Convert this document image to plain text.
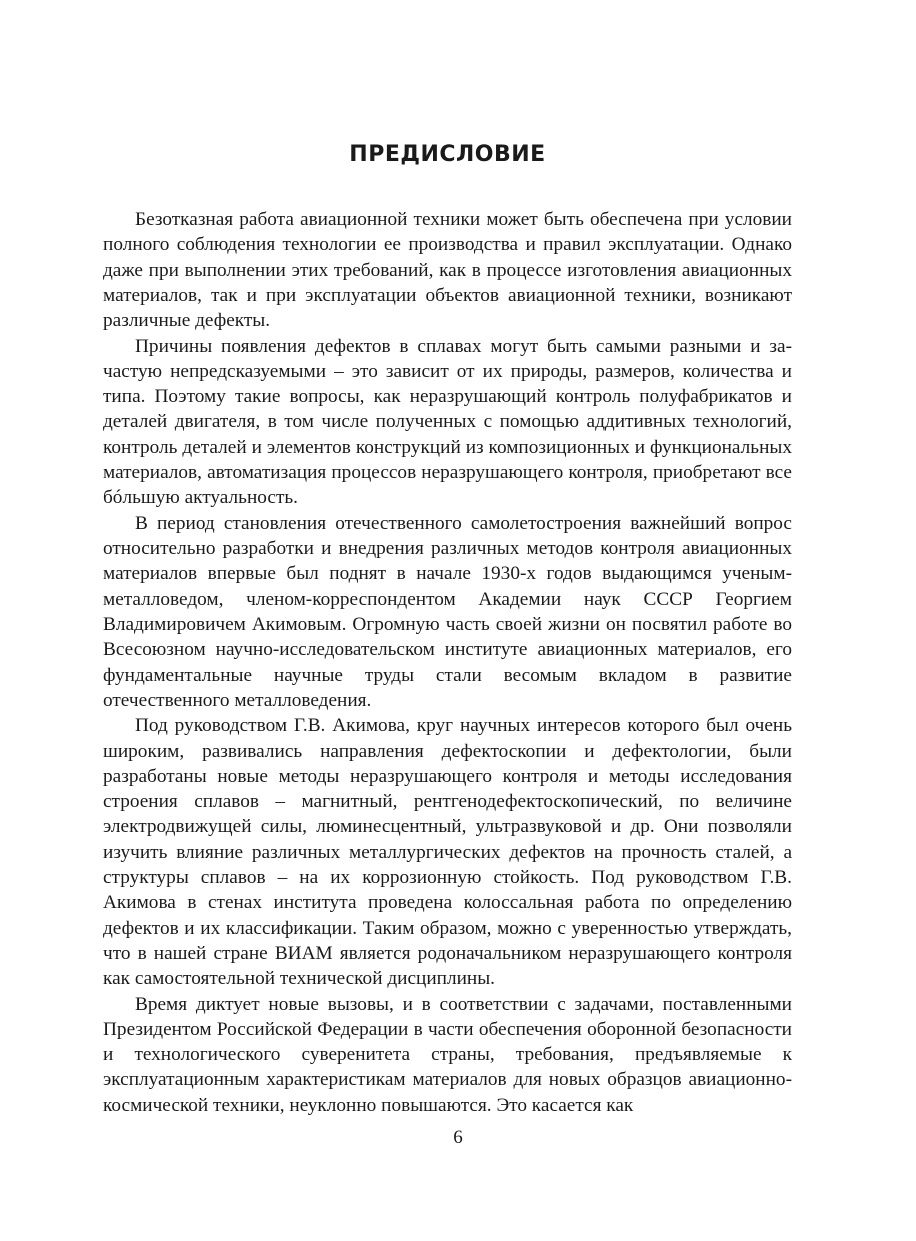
ПРЕДИСЛОВИЕ

Безотказная работа авиационной техники может быть обеспечена при условии полного соблюдения технологии ее производства и правил эксплуатации. Однако даже при выполнении этих требований, как в процессе изготовления авиационных материалов, так и при эксплуатации объектов авиационной техники, возникают различные дефекты.

Причины появления дефектов в сплавах могут быть самыми разными и зачастую непредсказуемыми – это зависит от их природы, размеров, количества и типа. Поэтому такие вопросы, как неразрушающий контроль полуфабрикатов и деталей двигателя, в том числе полученных с помощью аддитивных технологий, контроль деталей и элементов конструкций из композиционных и функциональных материалов, автоматизация процессов неразрушающего контроля, приобретают все бóльшую актуальность.

В период становления отечественного самолетостроения важнейший вопрос относительно разработки и внедрения различных методов контроля авиационных материалов впервые был поднят в начале 1930-х годов выдающимся ученым-металловедом, членом-корреспондентом Академии наук СССР Георгием Владимировичем Акимовым. Огромную часть своей жизни он посвятил работе во Всесоюзном научно-исследовательском институте авиационных материалов, его фундаментальные научные труды стали весомым вкладом в развитие отечественного металловедения.

Под руководством Г.В. Акимова, круг научных интересов которого был очень широким, развивались направления дефектоскопии и дефектологии, были разработаны новые методы неразрушающего контроля и методы исследования строения сплавов – магнитный, рентгенодефектоскопический, по величине электродвижущей силы, люминесцентный, ультразвуковой и др. Они позволяли изучить влияние различных металлургических дефектов на прочность сталей, а структуры сплавов – на их коррозионную стойкость. Под руководством Г.В. Акимова в стенах института проведена колоссальная работа по определению дефектов и их классификации. Таким образом, можно с уверенностью утверждать, что в нашей стране ВИАМ является родоначальником неразрушающего контроля как самостоятельной технической дисциплины.

Время диктует новые вызовы, и в соответствии с задачами, поставленными Президентом Российской Федерации в части обеспечения оборонной безопасности и технологического суверенитета страны, требования, предъявляемые к эксплуатационным характеристикам материалов для новых образцов авиационно-космической техники, неуклонно повышаются. Это касается как

6
